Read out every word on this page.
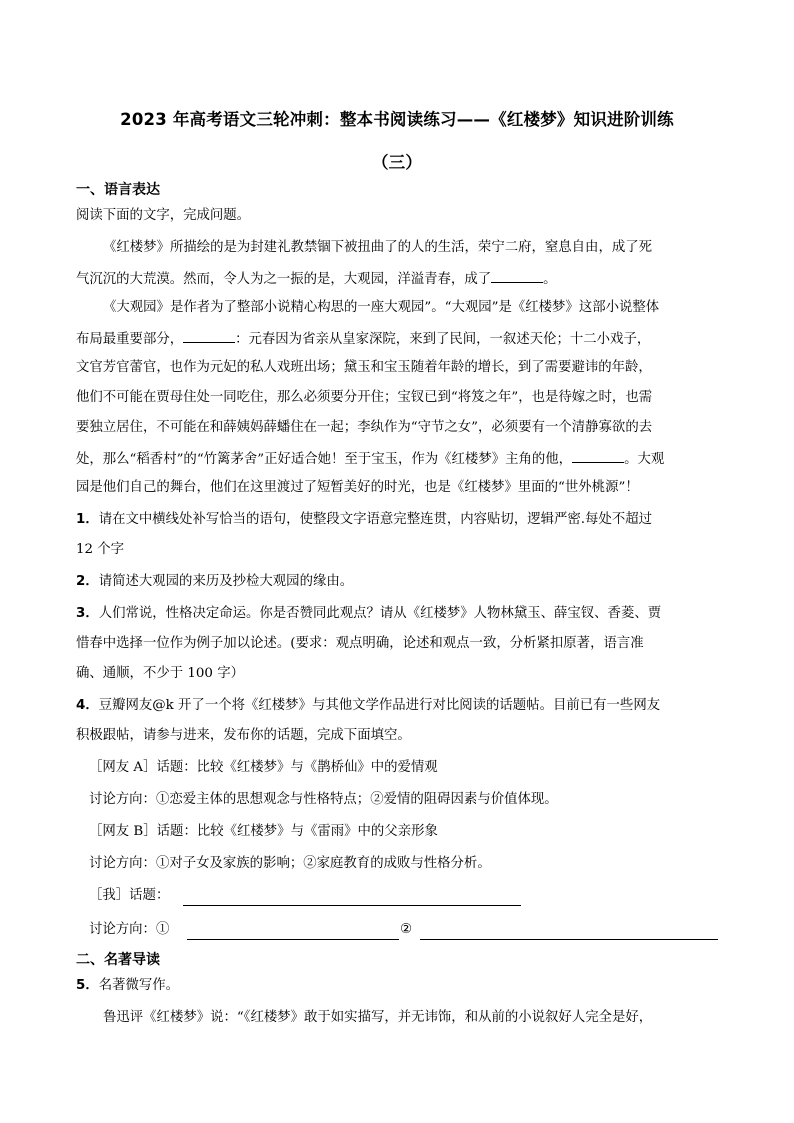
2023 年高考语文三轮冲刺：整本书阅读练习——《红楼梦》知识进阶训练
（三）
一、语言表达
阅读下面的文字，完成问题。
《红楼梦》所描绘的是为封建礼教禁锢下被扭曲了的人的生活，荣宁二府，窒息自由，成了死
气沉沉的大荒漠。然而，令人为之一振的是，大观园，洋溢青春，成了	。
《大观园》是作者为了整部小说精心构思的一座大观园”。“大观园”是《红楼梦》这部小说整体
布局最重要部分，	：元春因为省亲从皇家深院，来到了民间，一叙述天伦；十二小戏子，
文官芳官蕾官，也作为元妃的私人戏班出场；黛玉和宝玉随着年龄的增长，到了需要避讳的年龄，
他们不可能在贾母住处一同吃住，那么必须要分开住；宝钗已到“将笈之年”，也是待嫁之时，也需
要独立居住，不可能在和薛姨妈薛蟠住在一起；李纨作为“守节之女”，必须要有一个清静寡欲的去
处，那么“稻香村”的“竹篱茅舍”正好适合她！至于宝玉，作为《红楼梦》主角的他，	。大观
园是他们自己的舞台，他们在这里渡过了短暂美好的时光，也是《红楼梦》里面的“世外桃源”！
1．请在文中横线处补写恰当的语句，使整段文字语意完整连贯，内容贴切，逻辑严密.每处不超过
12 个字
2．请简述大观园的来历及抄检大观园的缘由。
3．人们常说，性格决定命运。你是否赞同此观点？请从《红楼梦》人物林黛玉、薛宝钗、香菱、贾
惜春中选择一位作为例子加以论述。(要求：观点明确，论述和观点一致，分析紧扣原著，语言准
确、通顺，不少于 100 字）
4．豆瓣网友@k 开了一个将《红楼梦》与其他文学作品进行对比阅读的话题帖。目前已有一些网友
积极跟帖，请参与进来，发布你的话题，完成下面填空。
［网友 A］话题：比较《红楼梦》与《鹊桥仙》中的爱情观
讨论方向：①恋爱主体的思想观念与性格特点；②爱情的阻碍因素与价值体现。
［网友 B］话题：比较《红楼梦》与《雷雨》中的父亲形象
讨论方向：①对子女及家族的影响；②家庭教育的成败与性格分析。
［我］话题：
讨论方向：①	②
二、名著导读
5．名著微写作。
鲁迅评《红楼梦》说：“《红楼梦》敢于如实描写，并无讳饰，和从前的小说叙好人完全是好，
